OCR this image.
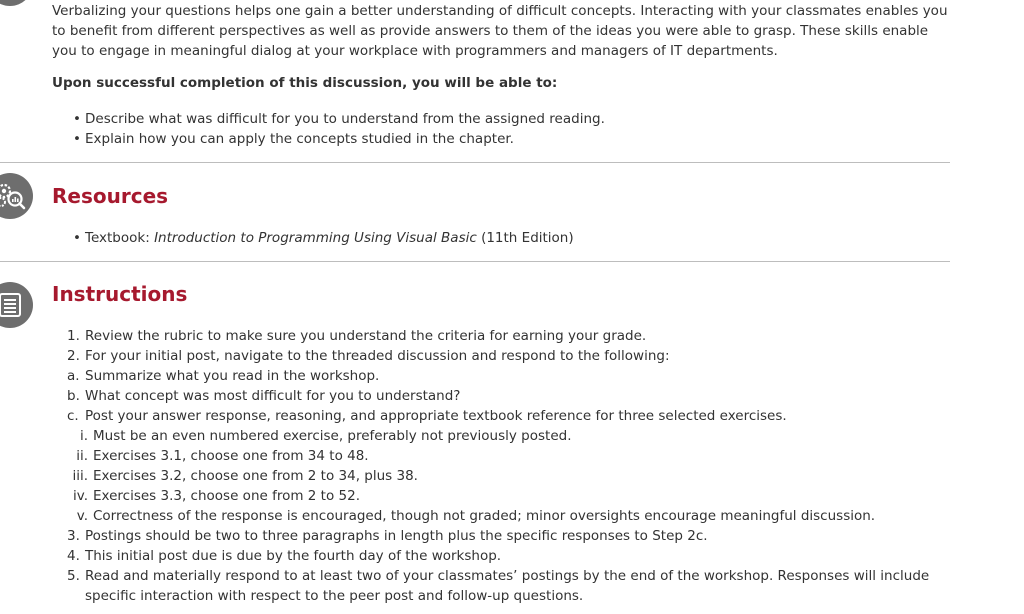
Verbalizing your questions helps one gain a better understanding of difficult concepts. Interacting with your classmates enables you to benefit from different perspectives as well as provide answers to them of the ideas you were able to grasp. These skills enable you to engage in meaningful dialog at your workplace with programmers and managers of IT departments.

Upon successful completion of this discussion, you will be able to:

• Describe what was difficult for you to understand from the assigned reading.
• Explain how you can apply the concepts studied in the chapter.
Resources
• Textbook: Introduction to Programming Using Visual Basic (11th Edition)
Instructions
1. Review the rubric to make sure you understand the criteria for earning your grade.
2. For your initial post, navigate to the threaded discussion and respond to the following:
a. Summarize what you read in the workshop.
b. What concept was most difficult for you to understand?
c. Post your answer response, reasoning, and appropriate textbook reference for three selected exercises.
i. Must be an even numbered exercise, preferably not previously posted.
ii. Exercises 3.1, choose one from 34 to 48.
iii. Exercises 3.2, choose one from 2 to 34, plus 38.
iv. Exercises 3.3, choose one from 2 to 52.
v. Correctness of the response is encouraged, though not graded; minor oversights encourage meaningful discussion.
3. Postings should be two to three paragraphs in length plus the specific responses to Step 2c.
4. This initial post due is due by the fourth day of the workshop.
5. Read and materially respond to at least two of your classmates’ postings by the end of the workshop. Responses will include
specific interaction with respect to the peer post and follow-up questions.
